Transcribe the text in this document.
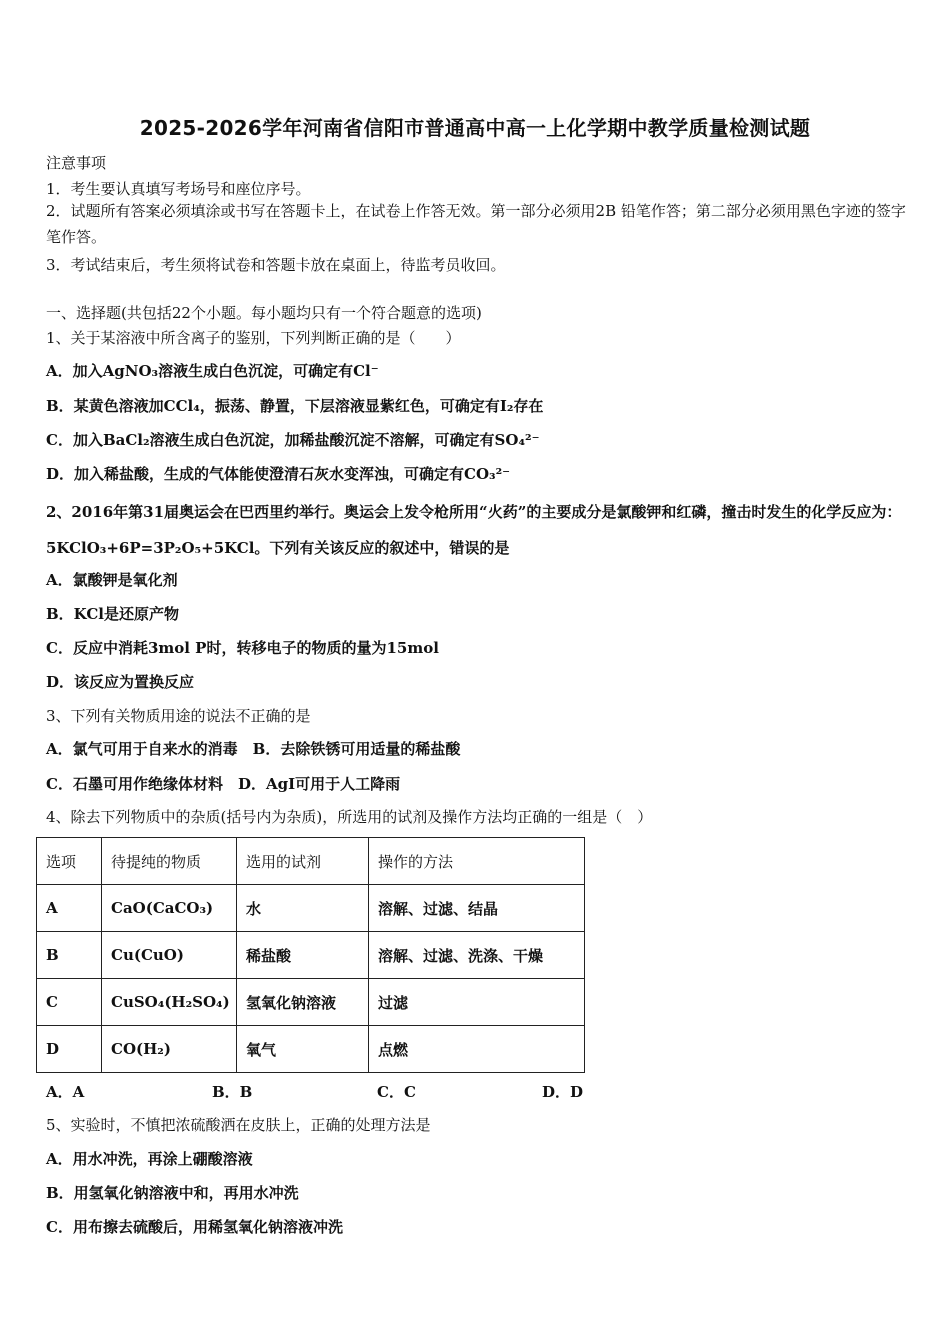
2025-2026学年河南省信阳市普通高中高一上化学期中教学质量检测试题
注意事项
1．考生要认真填写考场号和座位序号。
2．试题所有答案必须填涂或书写在答题卡上，在试卷上作答无效。第一部分必须用2B 铅笔作答；第二部分必须用黑色字迹的签字笔作答。
3．考试结束后，考生须将试卷和答题卡放在桌面上，待监考员收回。
一、选择题(共包括22个小题。每小题均只有一个符合题意的选项)
1、关于某溶液中所含离子的鉴别，下列判断正确的是（　　）
A．加入AgNO₃溶液生成白色沉淀，可确定有Cl⁻
B．某黄色溶液加CCl₄，振荡、静置，下层溶液显紫红色，可确定有I₂存在
C．加入BaCl₂溶液生成白色沉淀，加稀盐酸沉淀不溶解，可确定有SO₄²⁻
D．加入稀盐酸，生成的气体能使澄清石灰水变浑浊，可确定有CO₃²⁻
2、2016年第31届奥运会在巴西里约举行。奥运会上发令枪所用“火药”的主要成分是氯酸钾和红磷，撞击时发生的化学反应为：5KClO₃+6P=3P₂O₅+5KCl。下列有关该反应的叙述中，错误的是
A．氯酸钾是氧化剂
B．KCl是还原产物
C．反应中消耗3mol P时，转移电子的物质的量为15mol
D．该反应为置换反应
3、下列有关物质用途的说法不正确的是
A．氯气可用于自来水的消毒　B．去除铁锈可用适量的稀盐酸
C．石墨可用作绝缘体材料　D．AgI可用于人工降雨
4、除去下列物质中的杂质(括号内为杂质)，所选用的试剂及操作方法均正确的一组是（　）
选项	待提纯的物质	选用的试剂	操作的方法
A	CaO(CaCO₃)	水	溶解、过滤、结晶
B	Cu(CuO)	稀盐酸	溶解、过滤、洗涤、干燥
C	CuSO₄(H₂SO₄)	氢氧化钠溶液	过滤
D	CO(H₂)	氧气	点燃
A．A	B．B	C．C	D．D
5、实验时，不慎把浓硫酸洒在皮肤上，正确的处理方法是
A．用水冲洗，再涂上硼酸溶液
B．用氢氧化钠溶液中和，再用水冲洗
C．用布擦去硫酸后，用稀氢氧化钠溶液冲洗
